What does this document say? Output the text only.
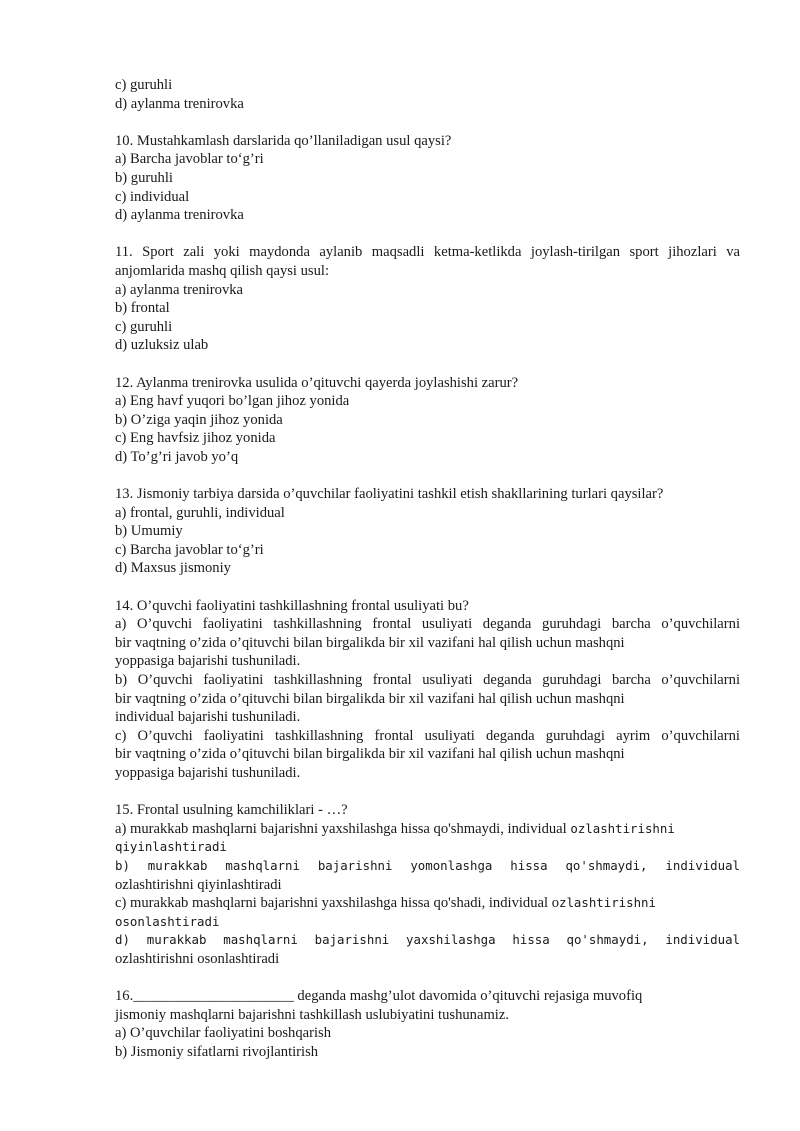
c) guruhli
d) aylanma trenirovka
10. Mustahkamlash darslarida qo’llaniladigan usul qaysi?
a) Barcha javoblar to‘g’ri
b) guruhli
c) individual
d) aylanma trenirovka
11. Sport zali yoki maydonda aylanib maqsadli ketma-ketlikda joylash-tirilgan sport jihozlari va
anjomlarida mashq qilish qaysi usul:
a) aylanma trenirovka
b) frontal
c) guruhli
d) uzluksiz ulab
12. Aylanma trenirovka usulida o’qituvchi qayerda joylashishi zarur?
a) Eng havf yuqori bo’lgan jihoz yonida
b) O’ziga yaqin jihoz yonida
c) Eng havfsiz jihoz yonida
d) To’g’ri javob yo’q
13. Jismoniy tarbiya darsida o’quvchilar faoliyatini tashkil etish shakllarining turlari qaysilar?
a) frontal, guruhli, individual
b) Umumiy
c) Barcha javoblar to‘g’ri
d) Maxsus jismoniy
14. O’quvchi faoliyatini tashkillashning frontal usuliyati bu?
a) O’quvchi faoliyatini tashkillashning frontal usuliyati deganda guruhdagi barcha o’quvchilarni
bir vaqtning o’zida o’qituvchi bilan birgalikda bir xil vazifani hal qilish uchun mashqni
yoppasiga bajarishi tushuniladi.
b) O’quvchi faoliyatini tashkillashning frontal usuliyati deganda guruhdagi barcha o’quvchilarni
bir vaqtning o’zida o’qituvchi bilan birgalikda bir xil vazifani hal qilish uchun mashqni
individual bajarishi tushuniladi.
c) O’quvchi faoliyatini tashkillashning frontal usuliyati deganda guruhdagi ayrim o’quvchilarni
bir vaqtning o’zida o’qituvchi bilan birgalikda bir xil vazifani hal qilish uchun mashqni
yoppasiga bajarishi tushuniladi.
15. Frontal usulning kamchiliklari - …?
a) murakkab mashqlarni bajarishni yaxshilashga hissa qo'shmaydi, individual ozlashtirishni
qiyinlashtiradi
b) murakkab mashqlarni bajarishni yomonlashga hissa qo'shmaydi, individual
ozlashtirishni qiyinlashtiradi
c) murakkab mashqlarni bajarishni yaxshilashga hissa qo'shadi, individual ozlashtirishni
osonlashtiradi
d) murakkab mashqlarni bajarishni yaxshilashga hissa qo'shmaydi, individual
ozlashtirishni osonlashtiradi
16.______________________ deganda mashg’ulot davomida o’qituvchi rejasiga muvofiq
jismoniy mashqlarni bajarishni tashkillash uslubiyatini tushunamiz.
a) O’quvchilar faoliyatini boshqarish
b) Jismoniy sifatlarni rivojlantirish
